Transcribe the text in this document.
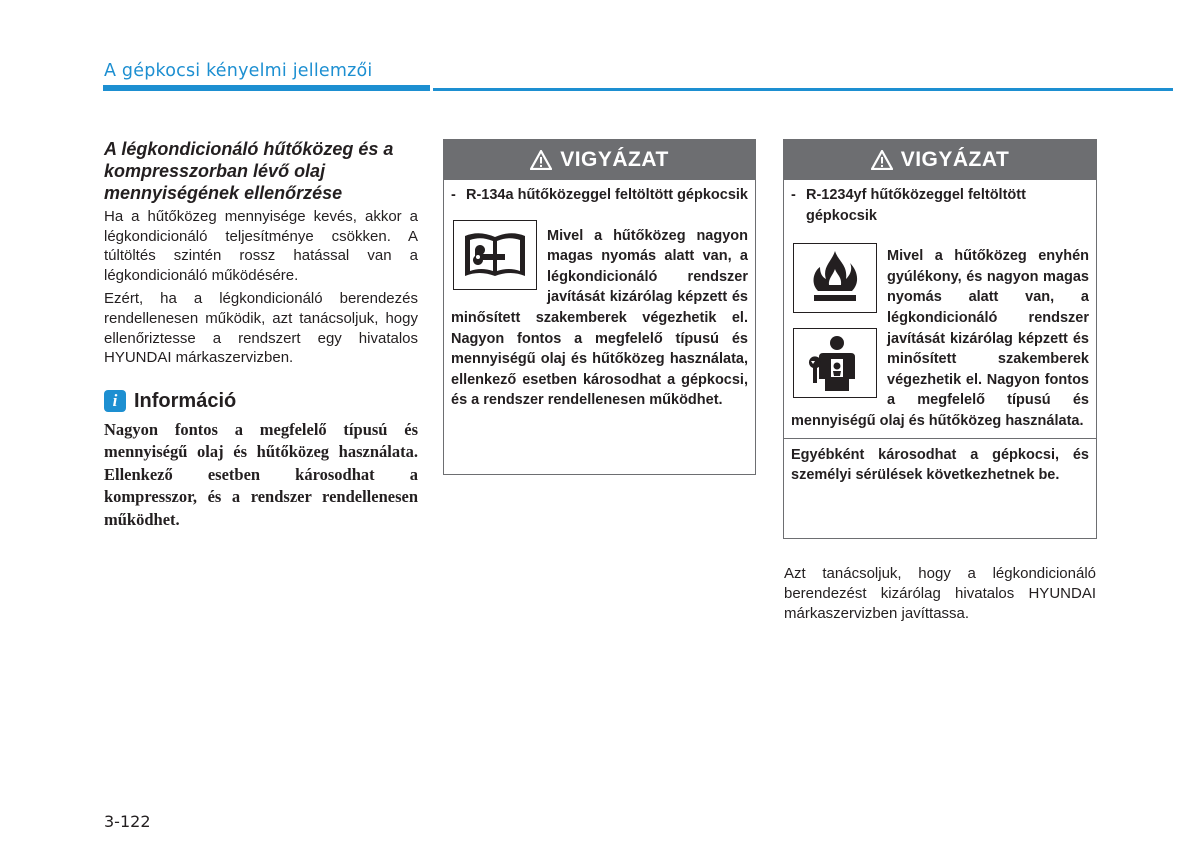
A gépkocsi kényelmi jellemzői
A légkondicionáló hűtőközeg és a kompresszorban lévő olaj mennyiségének ellenőrzése

Ha a hűtőközeg mennyisége kevés, akkor a légkondicionáló teljesítménye csökken. A túltöltés szintén rossz hatással van a légkondicionáló működésére.

Ezért, ha a légkondicionáló berendezés rendellenesen működik, azt tanácsoljuk, hogy ellenőriztesse a rendszert egy hivatalos HYUNDAI márkaszervizben.

i Információ

Nagyon fontos a megfelelő típusú és mennyiségű olaj és hűtőközeg használata. Ellenkező esetben károsodhat a kompresszor, és a rendszer rendellenesen működhet.

VIGYÁZAT
- R-134a hűtőközeggel feltöltött gépkocsik

Mivel a hűtőközeg nagyon magas nyomás alatt van, a légkondicionáló rendszer javítását kizárólag képzett és minősített szakemberek végezhetik el. Nagyon fontos a megfelelő típusú és mennyiségű olaj és hűtőközeg használata, ellenkező esetben károsodhat a gépkocsi, és a rendszer rendellenesen működhet.

VIGYÁZAT
- R-1234yf hűtőközeggel feltöltött gépkocsik

Mivel a hűtőközeg enyhén gyúlékony, és nagyon magas nyomás alatt van, a légkondicionáló rendszer javítását kizárólag képzett és minősített szakemberek végezhetik el. Nagyon fontos a megfelelő típusú és mennyiségű olaj és hűtőközeg használata.

Egyébként károsodhat a gépkocsi, és személyi sérülések következhetnek be.

Azt tanácsoljuk, hogy a légkondicionáló berendezést kizárólag hivatalos HYUNDAI márkaszervizben javíttassa.

3-122
